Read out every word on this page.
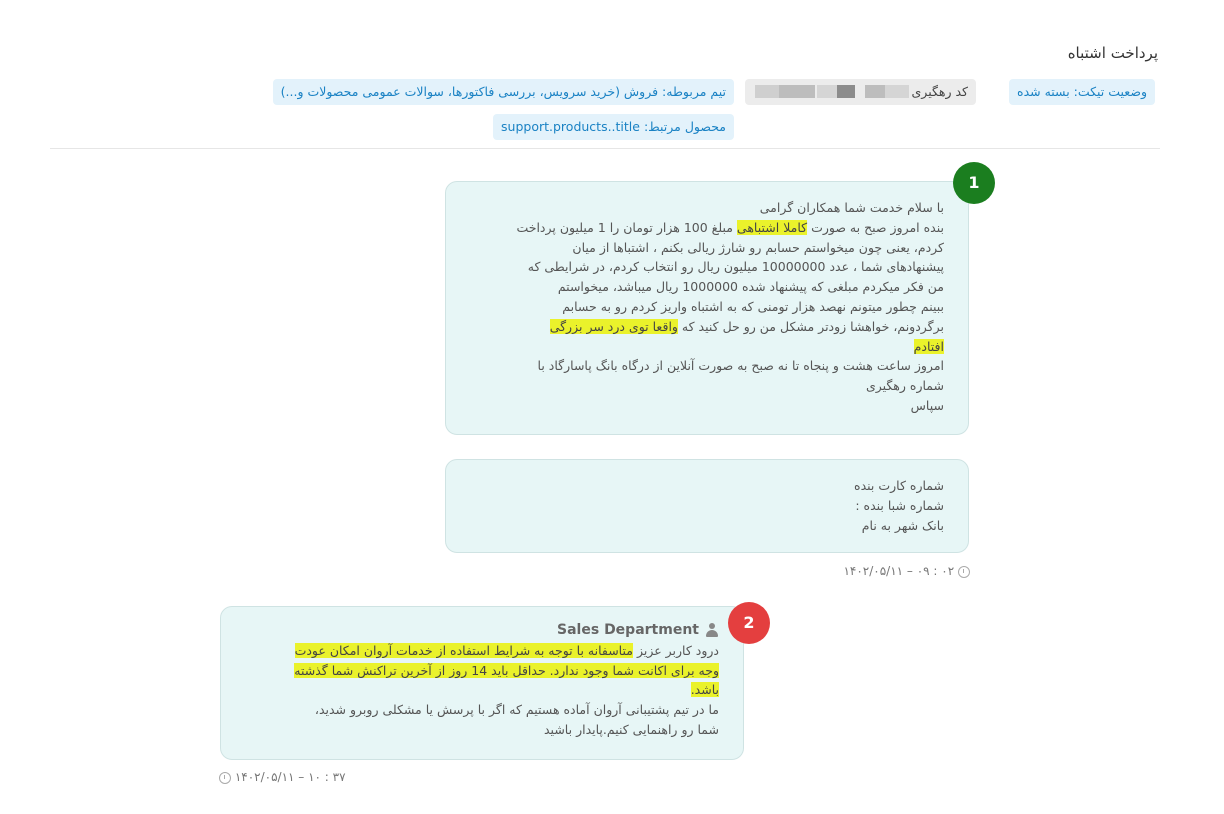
پرداخت اشتباه
وضعیت تیکت: بسته شده
کد رهگیری
تیم مربوطه: فروش (خرید سرویس، بررسی فاکتورها، سوالات عمومی محصولات و...)
محصول مرتبط: support.products..title
با سلام خدمت شما همکاران گرامی
بنده امروز صبح به صورت کاملا اشتباهی مبلغ 100 هزار تومان را 1 میلیون پرداخت
کردم، یعنی چون میخواستم حسابم رو شارژ ریالی بکنم ، اشتباها از میان
پیشنهادهای شما ، عدد 10000000 میلیون ریال رو انتخاب کردم، در شرایطی که
من فکر میکردم مبلغی که پیشنهاد شده 1000000 ریال میباشد، میخواستم
ببینم چطور میتونم نهصد هزار تومنی که به اشتباه واریز کردم رو به حسابم
برگردونم، خواهشا زودتر مشکل من رو حل کنید که واقعا توی درد سر بزرگی
افتادم
امروز ساعت هشت و پنجاه تا نه صبح به صورت آنلاین از درگاه بانگ پاسارگاد با
شماره رهگیری
سپاس
1
شماره کارت بنده
شماره شبا بنده :
بانک شهر به نام
۱۴۰۲/۰۵/۱۱ – ۰۹ : ۰۲
Sales Department
درود کاربر عزیز متاسفانه با توجه به شرایط استفاده از خدمات آروان امکان عودت
وجه برای اکانت شما وجود ندارد. حداقل باید 14 روز از آخرین تراکنش شما گذشته
باشد.
ما در تیم پشتیبانی آروان آماده هستیم که اگر با پرسش یا مشکلی روبرو شدید،
شما رو راهنمایی کنیم.پایدار باشید
2
۱۴۰۲/۰۵/۱۱ – ۱۰ : ۳۷
